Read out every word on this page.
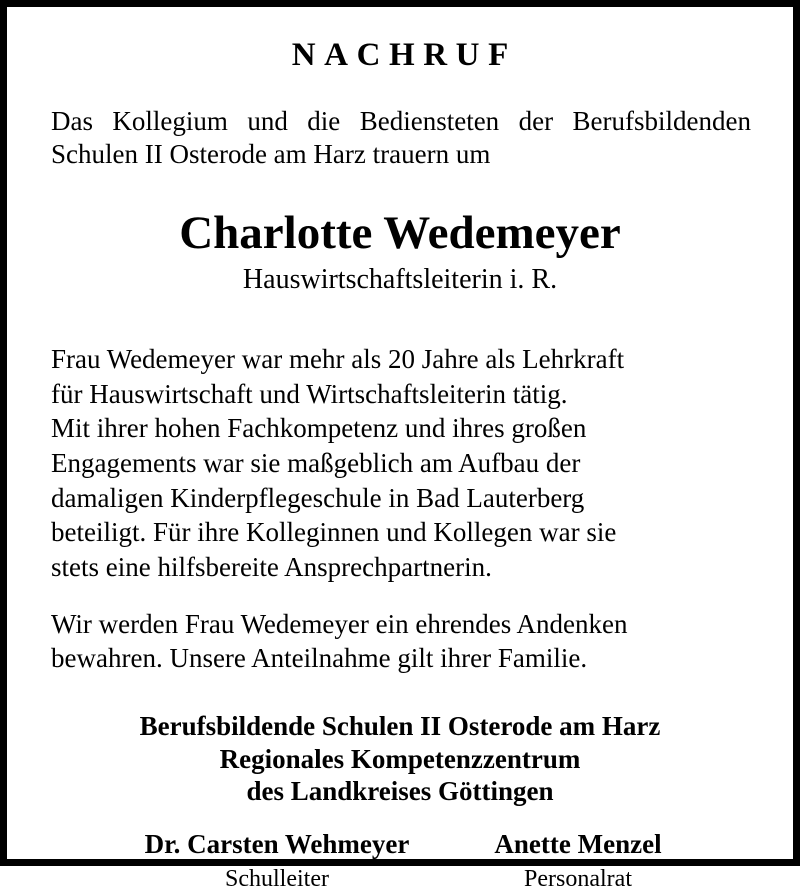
NACHRUF
Das Kollegium und die Bediensteten der Berufsbildenden
Schulen II Osterode am Harz trauern um
Charlotte Wedemeyer
Hauswirtschaftsleiterin i. R.
Frau Wedemeyer war mehr als 20 Jahre als Lehrkraft
für Hauswirtschaft und Wirtschaftsleiterin tätig.
Mit ihrer hohen Fachkompetenz und ihres großen
Engagements war sie maßgeblich am Aufbau der
damaligen Kinderpflegeschule in Bad Lauterberg
beteiligt. Für ihre Kolleginnen und Kollegen war sie
stets eine hilfsbereite Ansprechpartnerin.
Wir werden Frau Wedemeyer ein ehrendes Andenken
bewahren. Unsere Anteilnahme gilt ihrer Familie.
Berufsbildende Schulen II Osterode am Harz
Regionales Kompetenzzentrum
des Landkreises Göttingen
Dr. Carsten Wehmeyer
Schulleiter
Anette Menzel
Personalrat
